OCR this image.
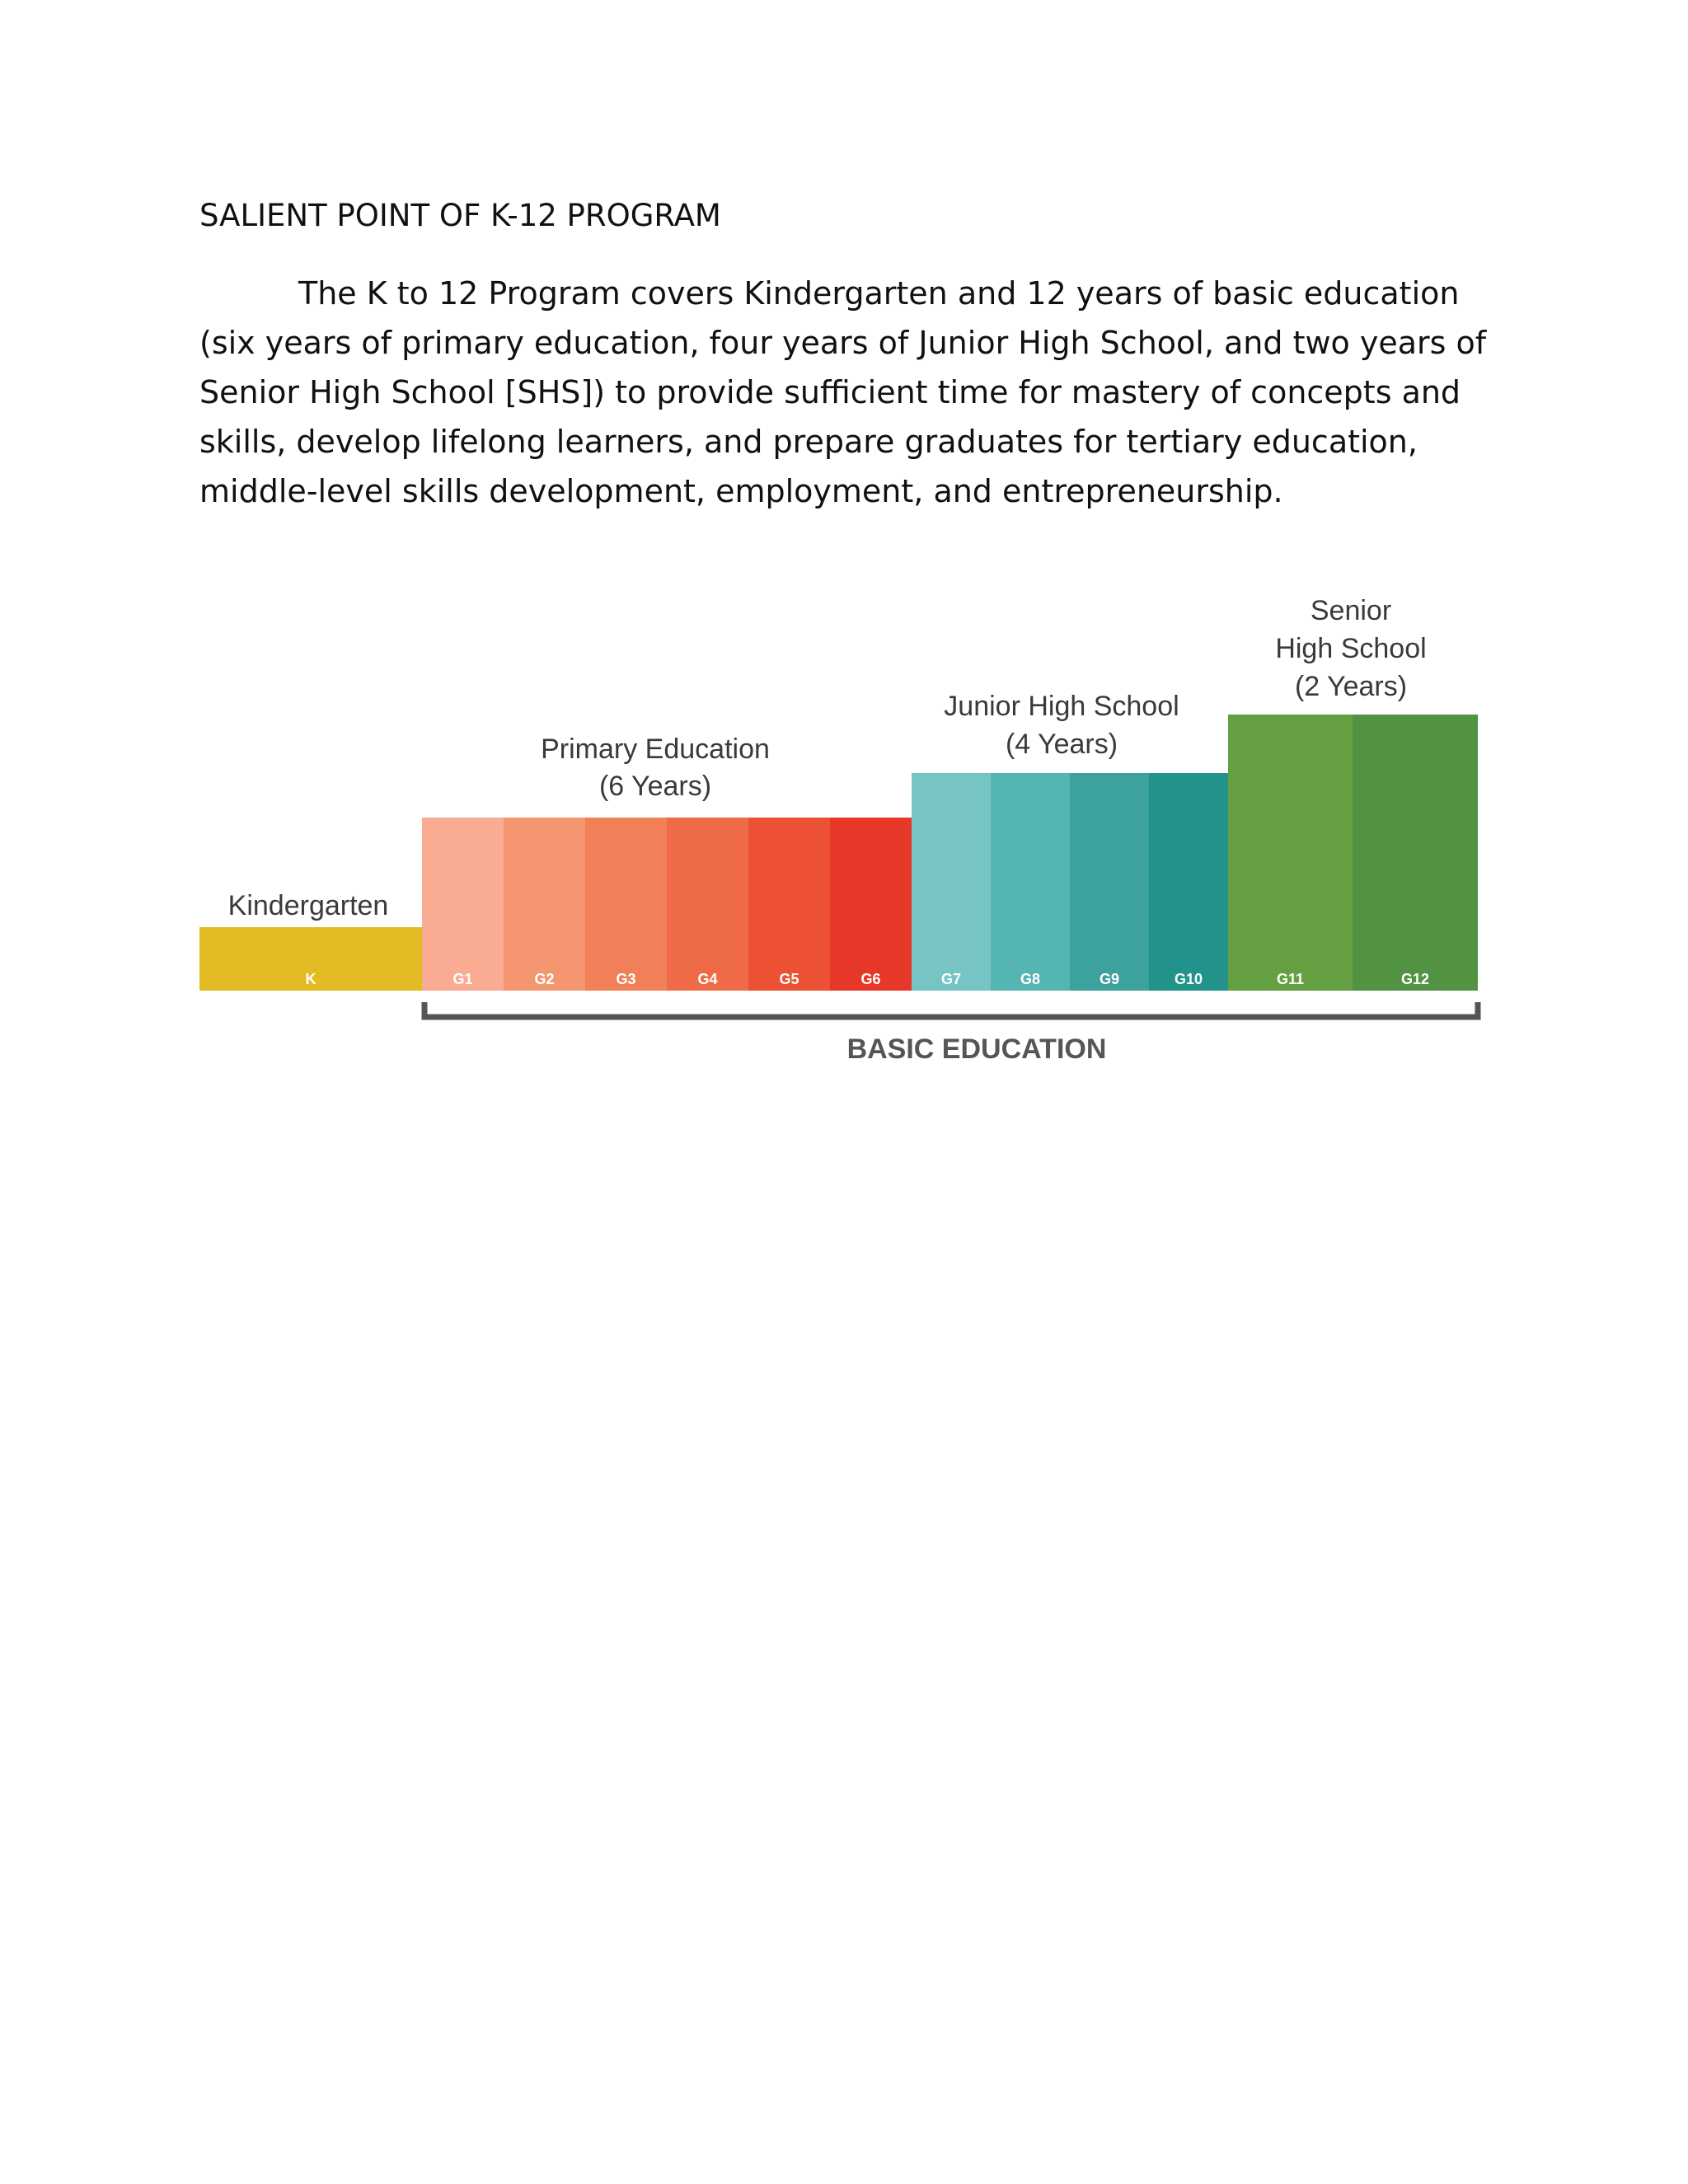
SALIENT POINT OF K-12 PROGRAM

The K to 12 Program covers Kindergarten and 12 years of basic education (six years of primary education, four years of Junior High School, and two years of Senior High School [SHS]) to provide sufficient time for mastery of concepts and skills, develop lifelong learners, and prepare graduates for tertiary education, middle-level skills development, employment, and entrepreneurship.

K	G1	G2	G3	G4	G5	G6	G7	G8	G9	G10	G11	G12
Kindergarten
Primary Education
(6 Years)
Junior High School
(4 Years)
Senior
High School
(2 Years)
BASIC EDUCATION
